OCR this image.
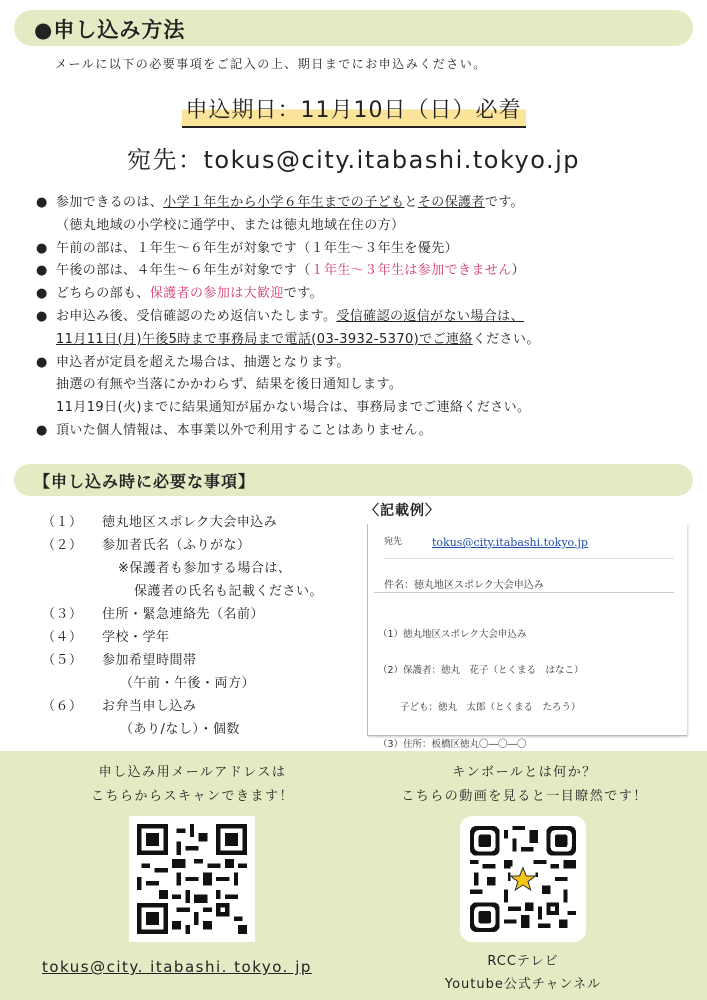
●申し込み方法
メールに以下の必要事項をご記入の上、期日までにお申込みください。
申込期日：11月10日（日）必着
宛先：tokus@city.itabashi.tokyo.jp
● 参加できるのは、小学１年生から小学６年生までの子どもとその保護者です。
（徳丸地域の小学校に通学中、または徳丸地域在住の方）
● 午前の部は、１年生～６年生が対象です（１年生～３年生を優先）
● 午後の部は、４年生～６年生が対象です（１年生～３年生は参加できません）
● どちらの部も、保護者の参加は大歓迎です。
● お申込み後、受信確認のため返信いたします。受信確認の返信がない場合は、
11月11日(月)午後5時まで事務局まで電話(03-3932-5370)でご連絡ください。
● 申込者が定員を超えた場合は、抽選となります。
抽選の有無や当落にかかわらず、結果を後日通知します。
11月19日(火)までに結果通知が届かない場合は、事務局までご連絡ください。
● 頂いた個人情報は、本事業以外で利用することはありません。
【申し込み時に必要な事項】
（１）	徳丸地区スポレク大会申込み
（２）	参加者氏名（ふりがな）
※保護者も参加する場合は、
保護者の氏名も記載ください。
（３）	住所・緊急連絡先（名前）
（４）	学校・学年
（５）	参加希望時間帯
（午前・午後・両方）
（６）	お弁当申し込み
（あり/なし）・個数
〈記載例〉
宛先	tokus@city.itabashi.tokyo.jp
件名：徳丸地区スポレク大会申込み

（1）徳丸地区スポレク大会申込み

（2）保護者：徳丸　花子（とくまる　はなこ）

　　 子ども：徳丸　太郎（とくまる　たろう）

（3）住所：板橋区徳丸〇―〇―〇

申し込み用メールアドレスは
こちらからスキャンできます！
tokus@city. itabashi. tokyo. jp
キンボールとは何か？
こちらの動画を見ると一目瞭然です！
RCCテレビ
Youtube公式チャンネル
